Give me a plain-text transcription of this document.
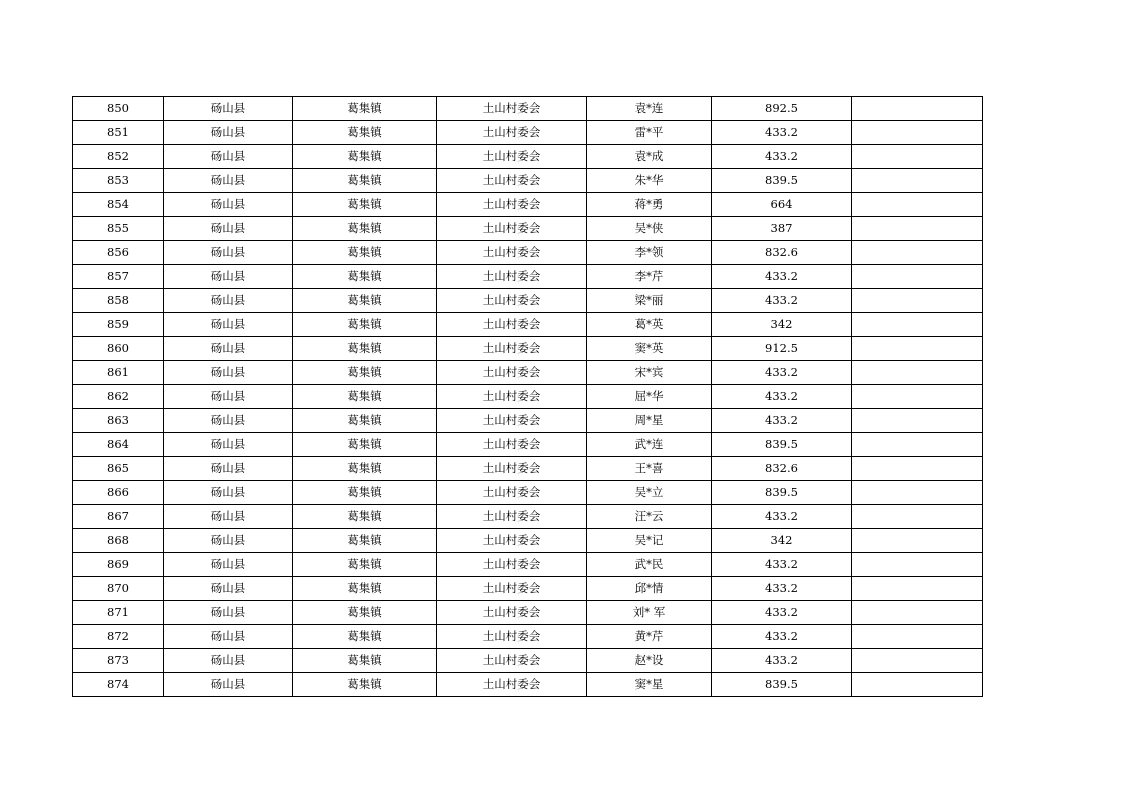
850	砀山县	葛集镇	土山村委会	袁*连	892.5	
851	砀山县	葛集镇	土山村委会	雷*平	433.2	
852	砀山县	葛集镇	土山村委会	袁*成	433.2	
853	砀山县	葛集镇	土山村委会	朱*华	839.5	
854	砀山县	葛集镇	土山村委会	蒋*勇	664	
855	砀山县	葛集镇	土山村委会	吴*侠	387	
856	砀山县	葛集镇	土山村委会	李*领	832.6	
857	砀山县	葛集镇	土山村委会	李*芹	433.2	
858	砀山县	葛集镇	土山村委会	梁*丽	433.2	
859	砀山县	葛集镇	土山村委会	葛*英	342	
860	砀山县	葛集镇	土山村委会	窦*英	912.5	
861	砀山县	葛集镇	土山村委会	宋*宾	433.2	
862	砀山县	葛集镇	土山村委会	屈*华	433.2	
863	砀山县	葛集镇	土山村委会	周*星	433.2	
864	砀山县	葛集镇	土山村委会	武*连	839.5	
865	砀山县	葛集镇	土山村委会	王*喜	832.6	
866	砀山县	葛集镇	土山村委会	吴*立	839.5	
867	砀山县	葛集镇	土山村委会	汪*云	433.2	
868	砀山县	葛集镇	土山村委会	吴*记	342	
869	砀山县	葛集镇	土山村委会	武*民	433.2	
870	砀山县	葛集镇	土山村委会	邱*情	433.2	
871	砀山县	葛集镇	土山村委会	刘* 军	433.2	
872	砀山县	葛集镇	土山村委会	黄*芹	433.2	
873	砀山县	葛集镇	土山村委会	赵*设	433.2	
874	砀山县	葛集镇	土山村委会	窦*星	839.5	
